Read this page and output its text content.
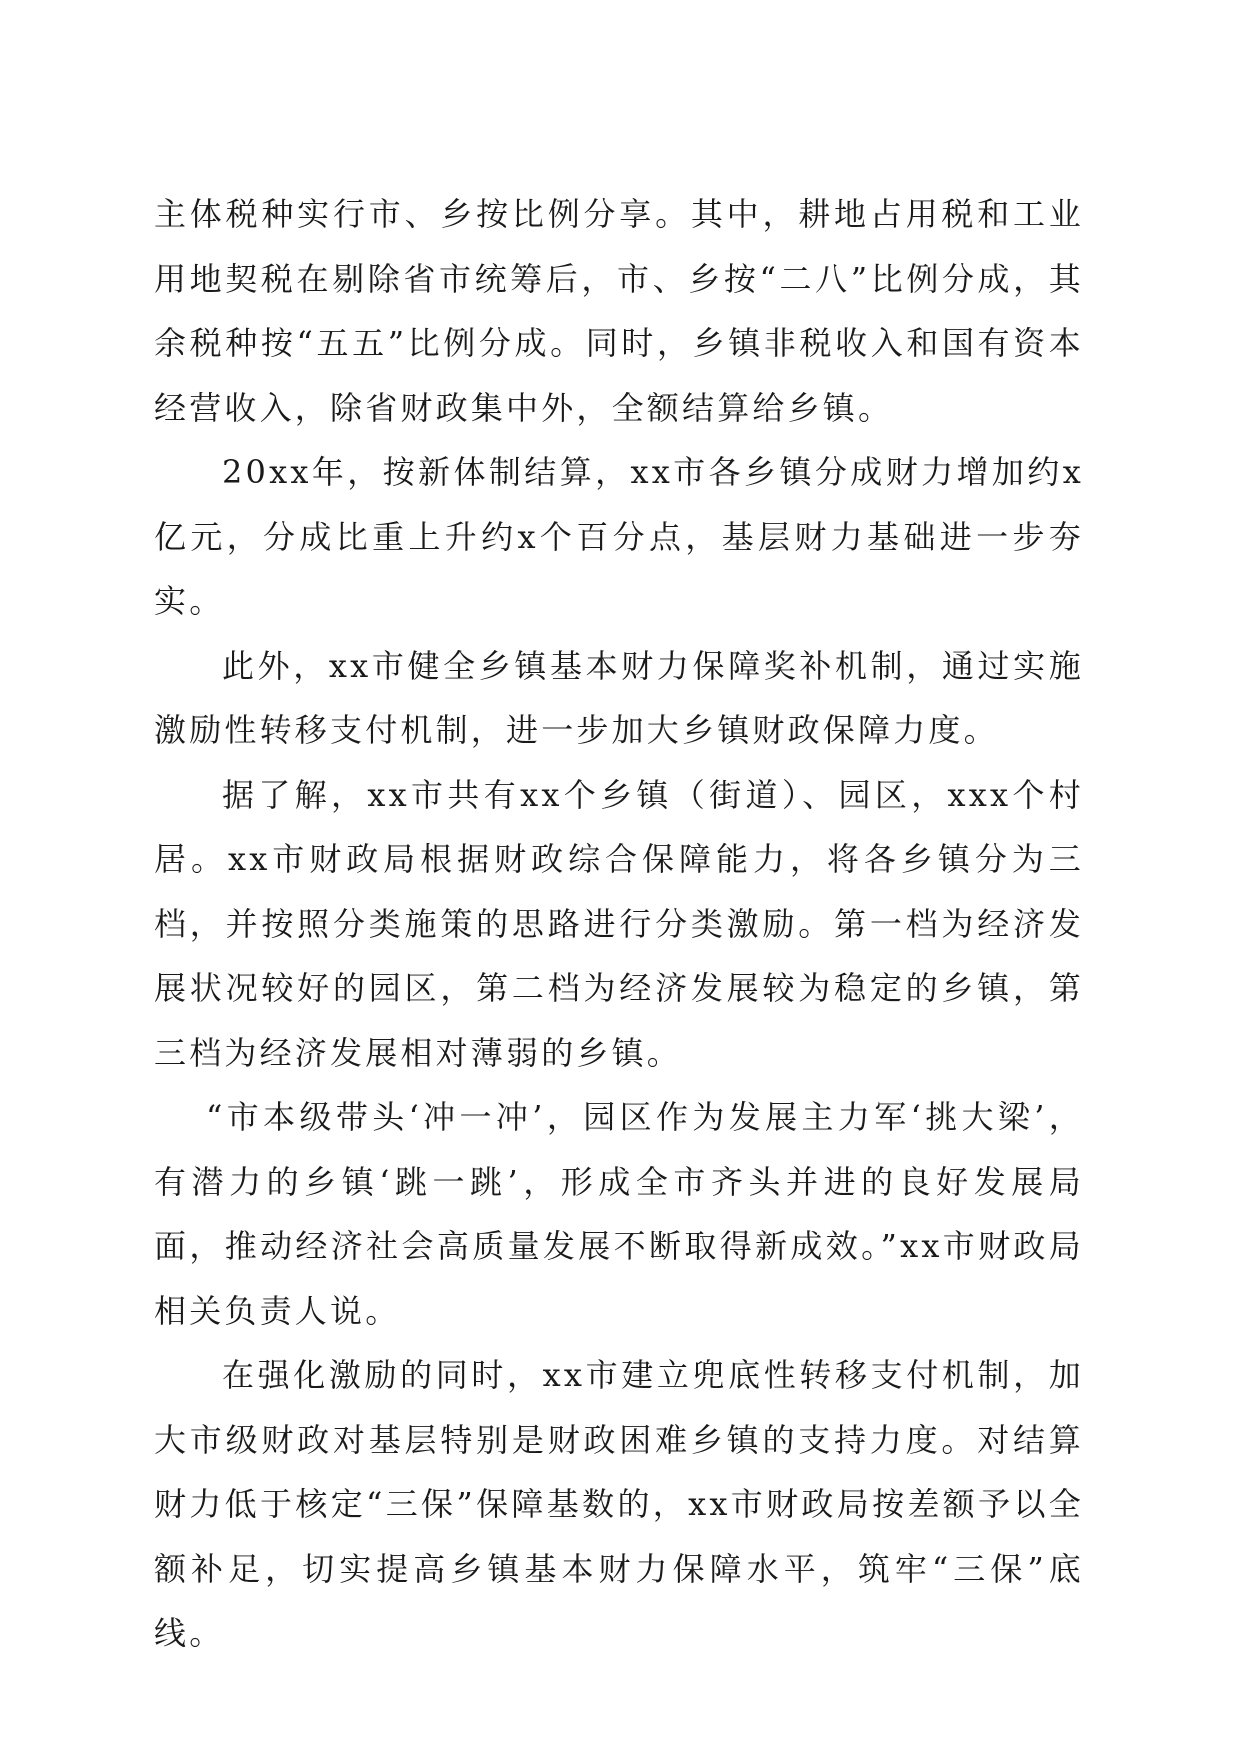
主体税种实行市、乡按比例分享。其中，耕地占用税和工业用地契税在剔除省市统筹后，市、乡按“二八”比例分成，其余税种按“五五”比例分成。同时，乡镇非税收入和国有资本经营收入，除省财政集中外，全额结算给乡镇。

20xx年，按新体制结算，xx市各乡镇分成财力增加约x亿元，分成比重上升约x个百分点，基层财力基础进一步夯实。

此外，xx市健全乡镇基本财力保障奖补机制，通过实施激励性转移支付机制，进一步加大乡镇财政保障力度。

据了解，xx市共有xx个乡镇（街道）、园区，xxx个村居。xx市财政局根据财政综合保障能力，将各乡镇分为三档，并按照分类施策的思路进行分类激励。第一档为经济发展状况较好的园区，第二档为经济发展较为稳定的乡镇，第三档为经济发展相对薄弱的乡镇。

“市本级带头‘冲一冲’，园区作为发展主力军‘挑大梁’，有潜力的乡镇‘跳一跳’，形成全市齐头并进的良好发展局面，推动经济社会高质量发展不断取得新成效。”xx市财政局相关负责人说。

在强化激励的同时，xx市建立兜底性转移支付机制，加大市级财政对基层特别是财政困难乡镇的支持力度。对结算财力低于核定“三保”保障基数的，xx市财政局按差额予以全额补足，切实提高乡镇基本财力保障水平，筑牢“三保”底线。
